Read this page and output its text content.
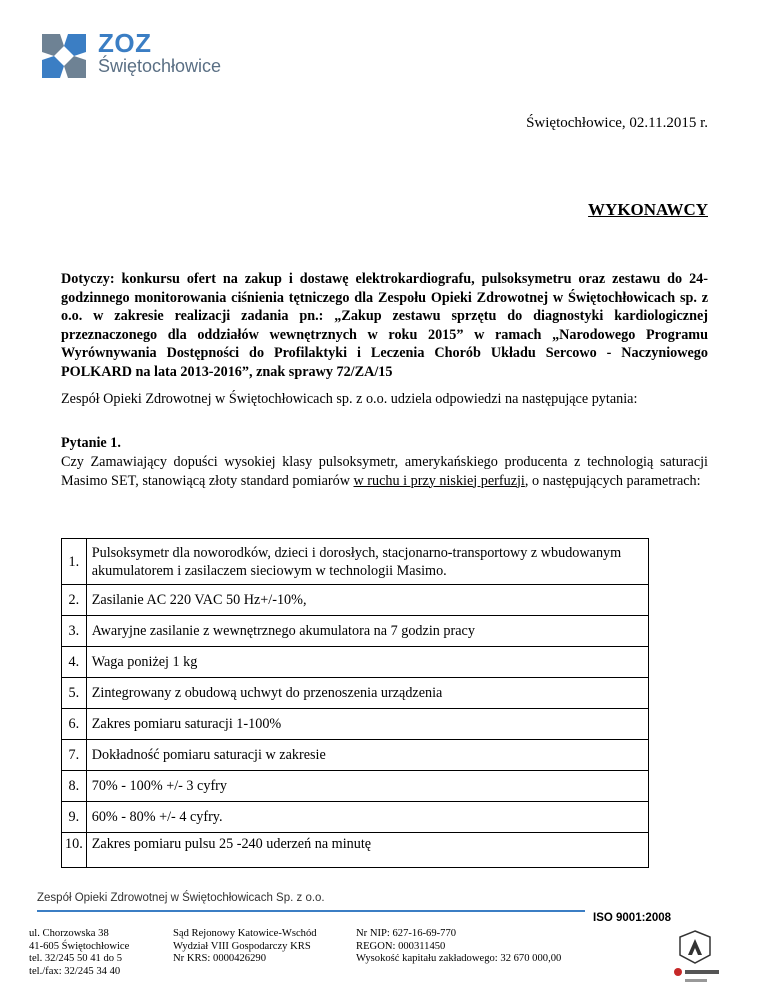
ZOZ
Świętochłowice
Świętochłowice, 02.11.2015 r.
WYKONAWCY
Dotyczy: konkursu ofert na zakup i dostawę elektrokardiografu, pulsoksymetru oraz zestawu do 24-godzinnego monitorowania ciśnienia tętniczego dla Zespołu Opieki Zdrowotnej w Świętochłowicach sp. z o.o. w zakresie realizacji zadania pn.: „Zakup zestawu sprzętu do diagnostyki kardiologicznej przeznaczonego dla oddziałów wewnętrznych w roku 2015” w ramach „Narodowego Programu Wyrównywania Dostępności do Profilaktyki i Leczenia Chorób Układu Sercowo - Naczyniowego POLKARD na lata 2013-2016”, znak sprawy 72/ZA/15
Zespół Opieki Zdrowotnej w Świętochłowicach sp. z o.o. udziela odpowiedzi na następujące pytania:
Pytanie 1.
Czy Zamawiający dopuści wysokiej klasy pulsoksymetr, amerykańskiego producenta z technologią saturacji Masimo SET, stanowiącą złoty standard pomiarów w ruchu i przy niskiej perfuzji, o następujących parametrach:
1.	Pulsoksymetr dla noworodków, dzieci i dorosłych, stacjonarno-transportowy z wbudowanym akumulatorem i zasilaczem sieciowym w technologii Masimo.
2.	Zasilanie AC 220 VAC 50 Hz+/-10%,
3.	Awaryjne zasilanie z wewnętrznego akumulatora na 7 godzin pracy
4.	Waga poniżej 1 kg
5.	Zintegrowany z obudową uchwyt do przenoszenia urządzenia
6.	Zakres pomiaru saturacji 1-100%
7.	Dokładność pomiaru saturacji w zakresie
8.	70% - 100% +/- 3 cyfry
9.	60% - 80% +/- 4 cyfry.
10.	Zakres pomiaru pulsu 25 -240 uderzeń na minutę
Zespół Opieki Zdrowotnej w Świętochłowicach Sp. z o.o.
ul. Chorzowska 38
41-605 Świętochłowice
tel. 32/245 50 41 do 5
tel./fax: 32/245 34 40
Sąd Rejonowy Katowice-Wschód
Wydział VIII Gospodarczy KRS
Nr KRS: 0000426290
Nr NIP: 627-16-69-770
REGON: 000311450
Wysokość kapitału zakładowego: 32 670 000,00
ISO 9001:2008
